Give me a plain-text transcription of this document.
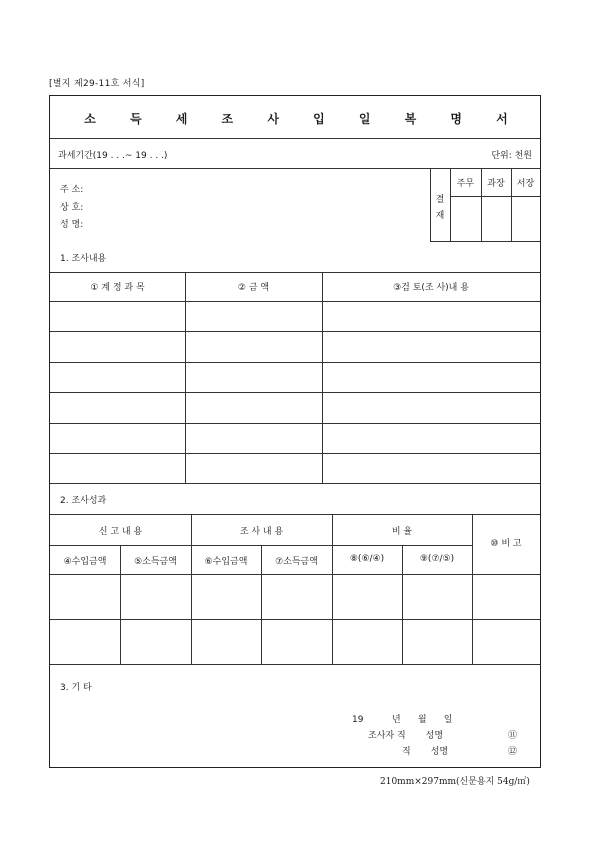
[별지 제29-11호 서식]
소 득 세 조 사 입 일 복 명 서
과세기간(19 . . .~ 19 . . .)	단위: 천원
주 소:
상 호:
성 명:
결
재
주무	과장	서장
1. 조사내용
① 계 정 과 목	② 금 액	③검 토(조 사)내 용
2. 조사성과
신 고 내 용	조 사 내 용	비 율
⑩ 비 고
④수입금액	⑤소득금액	⑥수입금액	⑦소득금액	⑧(⑥/④)	⑨(⑦/⑤)
3. 기 타
19          년      월      일
조사자 직       성명	⑪
직       성명	⑫
210mm×297mm(신문용지 54g/㎡)
